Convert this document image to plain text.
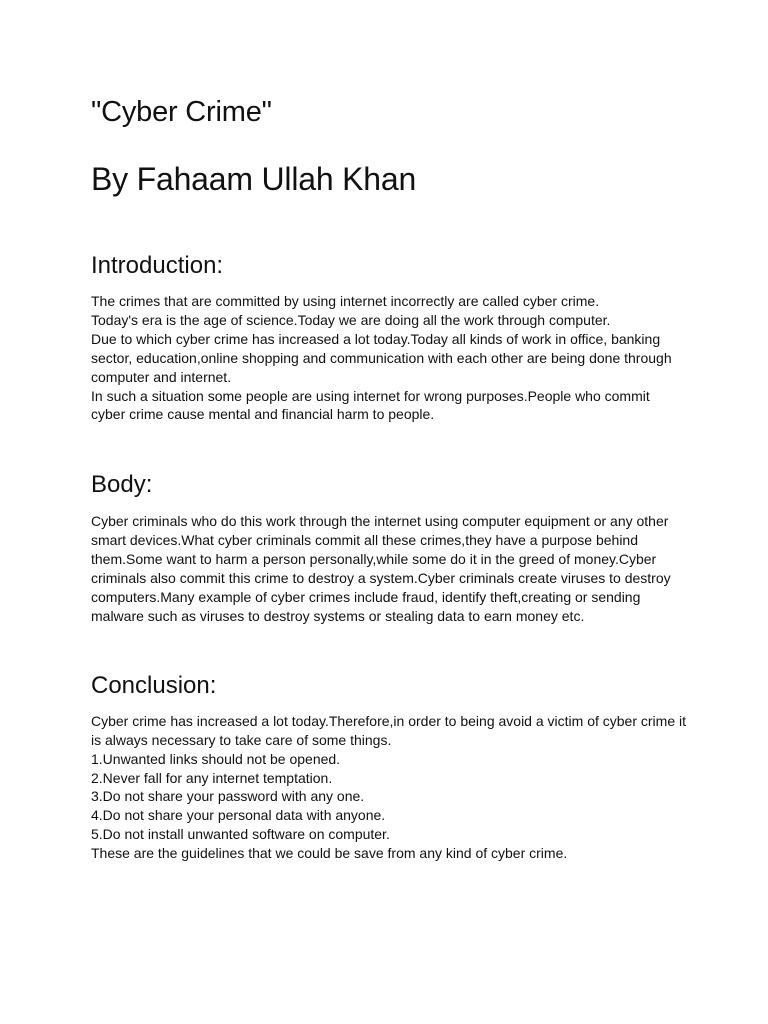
"Cyber Crime"
By Fahaam Ullah Khan
Introduction:

The crimes that are committed by using internet incorrectly are called cyber crime.
Today's era is the age of science.Today we are doing all the work through computer.
Due to which cyber crime has increased a lot today.Today all kinds of work in office, banking
sector, education,online shopping and communication with each other are being done through
computer and internet.
In such a situation some people are using internet for wrong purposes.People who commit
cyber crime cause mental and financial harm to people.

Body:

Cyber criminals who do this work through the internet using computer equipment or any other
smart devices.What cyber criminals commit all these crimes,they have a purpose behind
them.Some want to harm a person personally,while some do it in the greed of money.Cyber
criminals also commit this crime to destroy a system.Cyber criminals create viruses to destroy
computers.Many example of cyber crimes include fraud, identify theft,creating or sending
malware such as viruses to destroy systems or stealing data to earn money etc.

Conclusion:

Cyber crime has increased a lot today.Therefore,in order to being avoid a victim of cyber crime it
is always necessary to take care of some things.
1.Unwanted links should not be opened.
2.Never fall for any internet temptation.
3.Do not share your password with any one.
4.Do not share your personal data with anyone.
5.Do not install unwanted software on computer.
These are the guidelines that we could be save from any kind of cyber crime.
